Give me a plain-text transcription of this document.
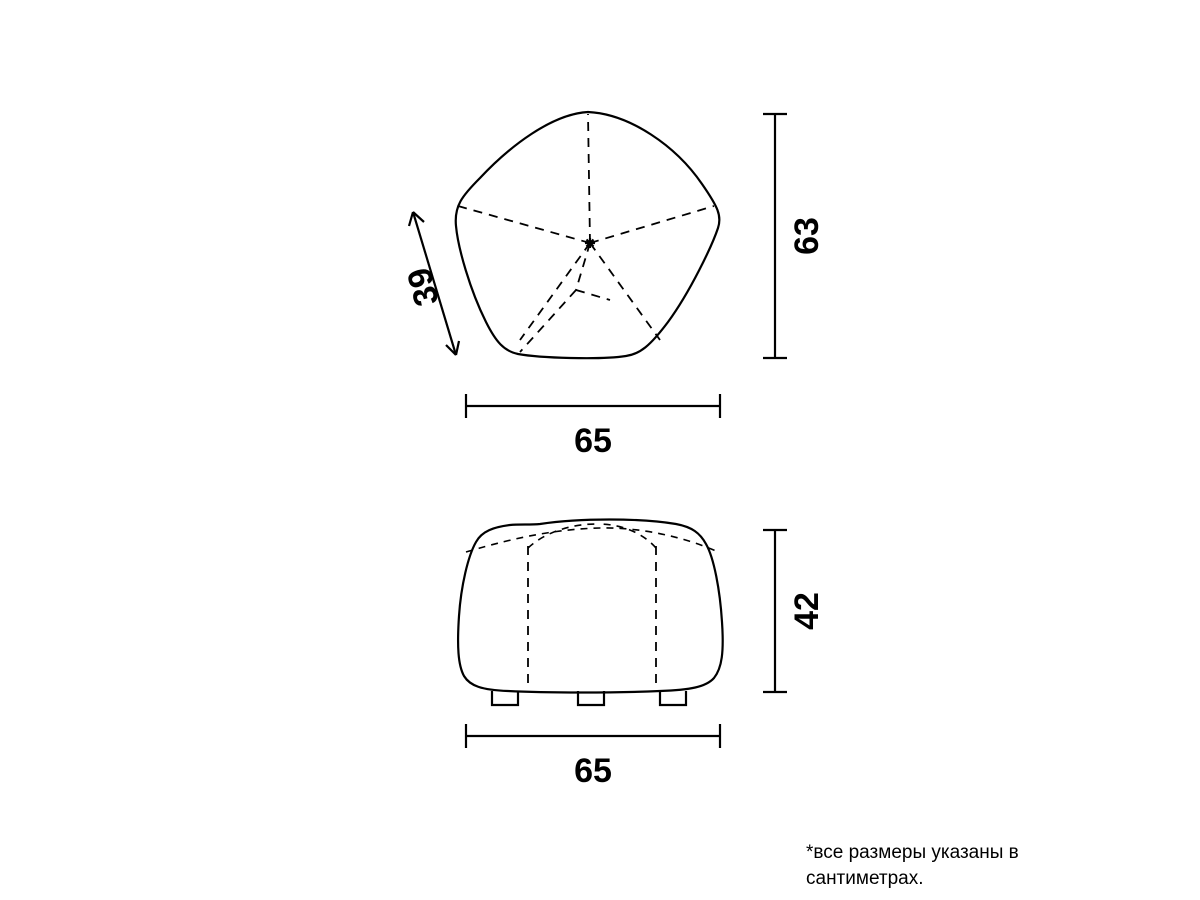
63
65
39
42
65
*все размеры указаны в
сантиметрах.
